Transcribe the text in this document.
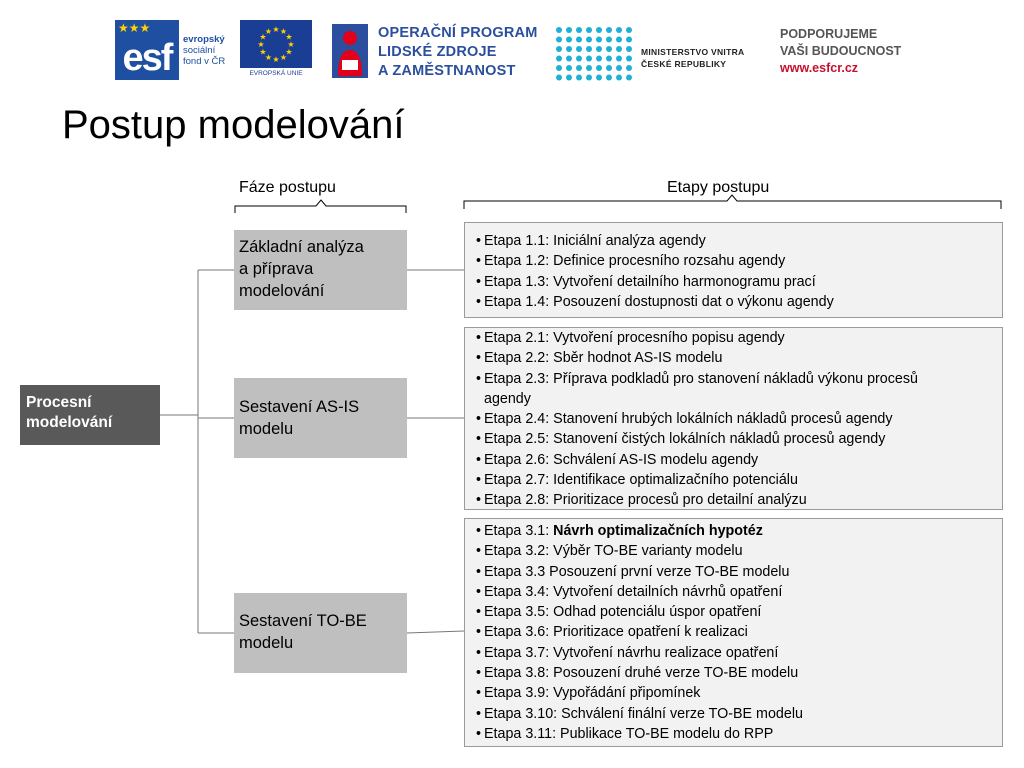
★★★
esf	evropský
sociální
fond v ČR
★ ★
★
★
★
★
★
★
★
★
★
★
EVROPSKÁ UNIE
OPERAČNÍ PROGRAM
LIDSKÉ ZDROJE
A ZAMĚSTNANOST
MINISTERSTVO VNITRA
ČESKÉ REPUBLIKY
PODPORUJEME
VAŠI BUDOUCNOST
www.esfcr.cz
Postup modelování
Fáze postupu	Etapy postupu
Procesní
modelování
Základní analýza
a příprava
modelování
Sestavení AS-IS
modelu
Sestavení TO-BE
modelu
• Etapa 1.1: Iniciální analýza agendy
• Etapa 1.2: Definice procesního rozsahu agendy
• Etapa 1.3: Vytvoření detailního harmonogramu prací
• Etapa 1.4: Posouzení dostupnosti dat o výkonu agendy
• Etapa 2.1: Vytvoření procesního popisu agendy
• Etapa 2.2: Sběr hodnot AS-IS modelu
• Etapa 2.3: Příprava podkladů pro stanovení nákladů výkonu procesů agendy
• Etapa 2.4: Stanovení hrubých lokálních nákladů procesů agendy
• Etapa 2.5: Stanovení čistých lokálních nákladů procesů agendy
• Etapa 2.6: Schválení AS-IS modelu agendy
• Etapa 2.7: Identifikace optimalizačního potenciálu
• Etapa 2.8: Prioritizace procesů pro detailní analýzu
• Etapa 3.1: Návrh optimalizačních hypotéz
• Etapa 3.2: Výběr TO-BE varianty modelu
• Etapa 3.3 Posouzení první verze TO-BE modelu
• Etapa 3.4: Vytvoření detailních návrhů opatření
• Etapa 3.5: Odhad potenciálu úspor opatření
• Etapa 3.6: Prioritizace opatření k realizaci
• Etapa 3.7: Vytvoření návrhu realizace opatření
• Etapa 3.8: Posouzení druhé verze TO-BE modelu
• Etapa 3.9: Vypořádání připomínek
• Etapa 3.10: Schválení finální verze TO-BE modelu
• Etapa 3.11: Publikace TO-BE modelu do RPP
